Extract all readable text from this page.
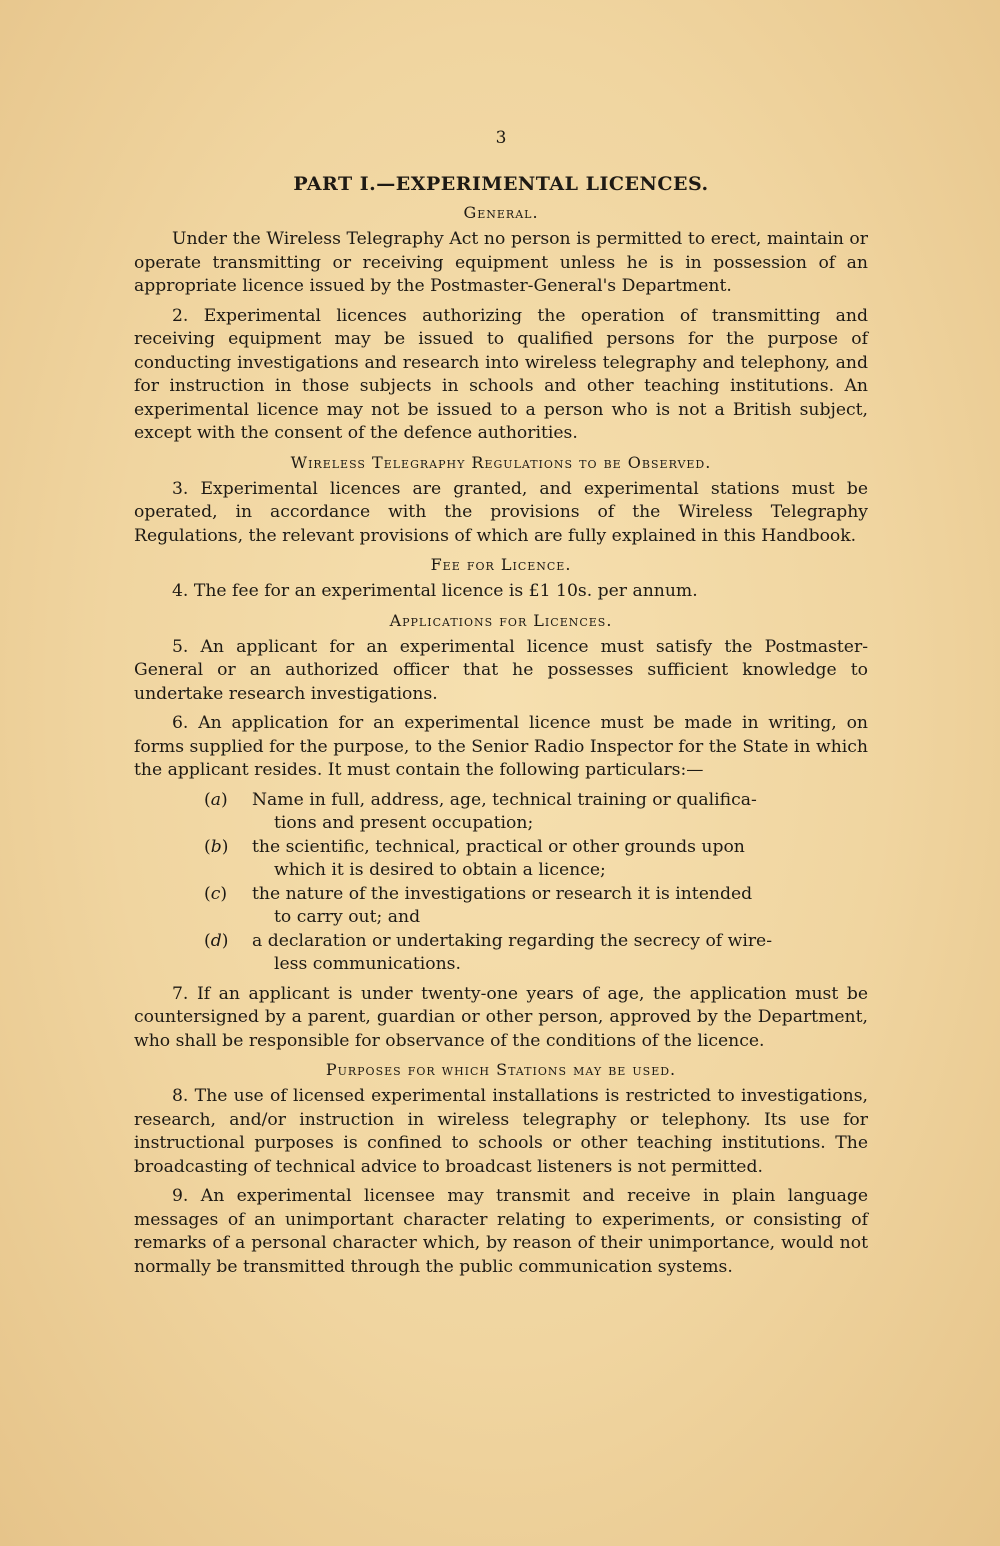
3
PART I.—EXPERIMENTAL LICENCES.
General.

Under the Wireless Telegraphy Act no person is permitted to erect, maintain or operate transmitting or receiving equipment unless he is in possession of an appropriate licence issued by the Postmaster-General's Department.

2. Experimental licences authorizing the operation of transmitting and receiving equipment may be issued to qualified persons for the purpose of conducting investigations and research into wireless telegraphy and telephony, and for instruction in those subjects in schools and other teaching institutions. An experimental licence may not be issued to a person who is not a British subject, except with the consent of the defence authorities.

Wireless Telegraphy Regulations to be Observed.

3. Experimental licences are granted, and experimental stations must be operated, in accordance with the provisions of the Wireless Telegraphy Regulations, the relevant provisions of which are fully explained in this Handbook.

Fee for Licence.

4. The fee for an experimental licence is £1 10s. per annum.

Applications for Licences.

5. An applicant for an experimental licence must satisfy the Postmaster-General or an authorized officer that he possesses sufficient knowledge to undertake research investigations.

6. An application for an experimental licence must be made in writing, on forms supplied for the purpose, to the Senior Radio Inspector for the State in which the applicant resides. It must contain the following particulars:—

(a) Name in full, address, age, technical training or qualifica-
tions and present occupation;
(b) the scientific, technical, practical or other grounds upon
which it is desired to obtain a licence;
(c) the nature of the investigations or research it is intended
to carry out; and
(d) a declaration or undertaking regarding the secrecy of wire-
less communications.

7. If an applicant is under twenty-one years of age, the application must be countersigned by a parent, guardian or other person, approved by the Department, who shall be responsible for observance of the conditions of the licence.

Purposes for which Stations may be used.

8. The use of licensed experimental installations is restricted to investigations, research, and/or instruction in wireless telegraphy or telephony. Its use for instructional purposes is confined to schools or other teaching institutions. The broadcasting of technical advice to broadcast listeners is not permitted.

9. An experimental licensee may transmit and receive in plain language messages of an unimportant character relating to experiments, or consisting of remarks of a personal character which, by reason of their unimportance, would not normally be transmitted through the public communication systems.
